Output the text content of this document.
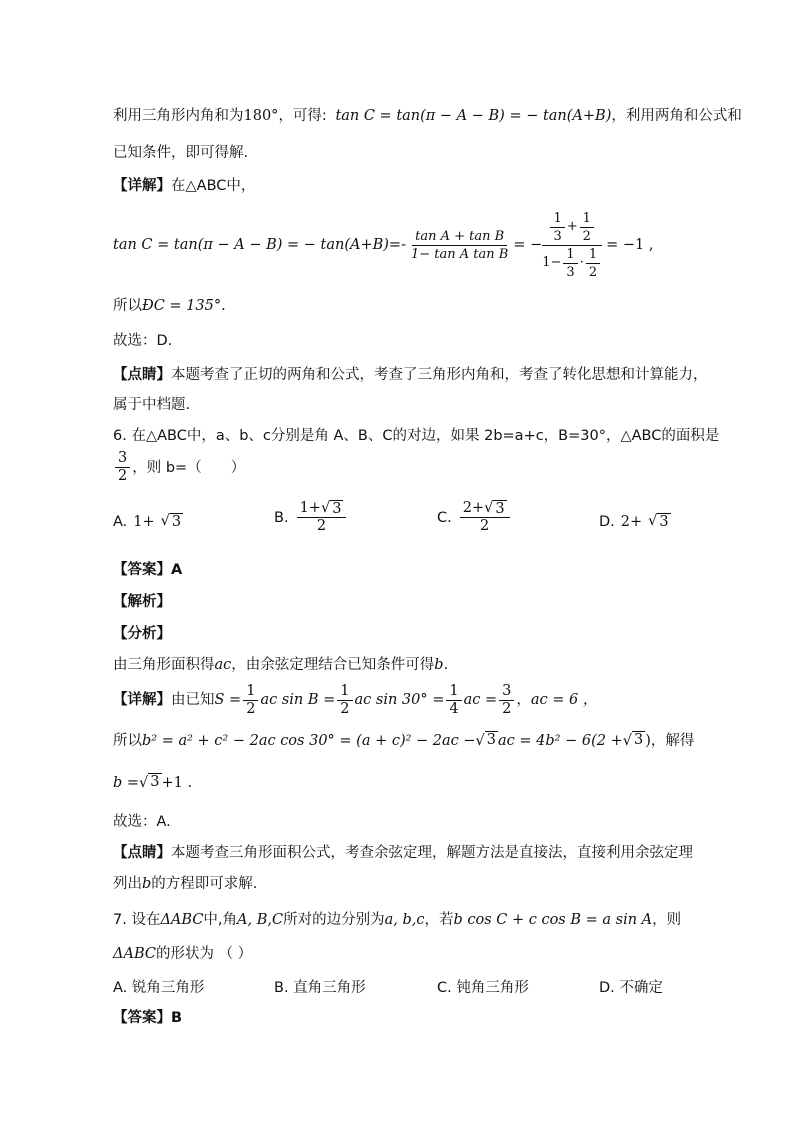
利用三角形内角和为180°，可得: tan C = tan(π − A − B) = − tan(A+B)，利用两角和公式和
已知条件，即可得解.
【详解】在△ABC中，
tan C = tan(π − A − B) = − $\tan(A+B)=- \frac{\text{tan A + tan B}}{\text{1− tan A tan B}}$ = −
$\frac{1}{3} + \frac{1}{2}$
$1- \frac{1}{3} \cdot \frac{1}{2}$
= −1 ,
所以ÐC = 135°.
故选：D.
【点睛】本题考查了正切的两角和公式，考查了三角形内角和，考查了转化思想和计算能力，
属于中档题.
6. 在△ABC中，a、b、c分别是角 A、B、C的对边，如果 2b=a+c，B=30°，△ABC的面积是
$\frac{3}{2}$ ，则 b=（　　）
A. 1+ √ 3	B. $\frac{1+√ 3}{2}$	C. $\frac{2+√ 3}{2}$	D. 2+ √ 3
【答案】A
【解析】
【分析】
由三角形面积得ac，由余弦定理结合已知条件可得b.
【详解】 由已知 $S = \frac{1}{2}$ ac $\sin B = \frac{1}{2}$ ac $\sin 30^\circ = \frac{1}{4}$ ac = $\frac{3}{2}$ ， ac = 6 ，
所以 b² = a² + c² − 2ac cos 30° = (a + c)² − 2ac − √ 3 ac = 4b² − 6(2 + √ 3 ) ，解得
b = √ 3 +1 .
故选：A.
【点睛】本题考查三角形面积公式，考查余弦定理，解题方法是直接法，直接利用余弦定理
列出b的方程即可求解.
7. 设在ΔABC中,角A, B,C所对的边分别为a, b,c，若b cos C + c cos B = a sin A，则
ΔABC的形状为 （ ）
A. 锐角三角形	B. 直角三角形	C. 钝角三角形	D. 不确定
【答案】B
